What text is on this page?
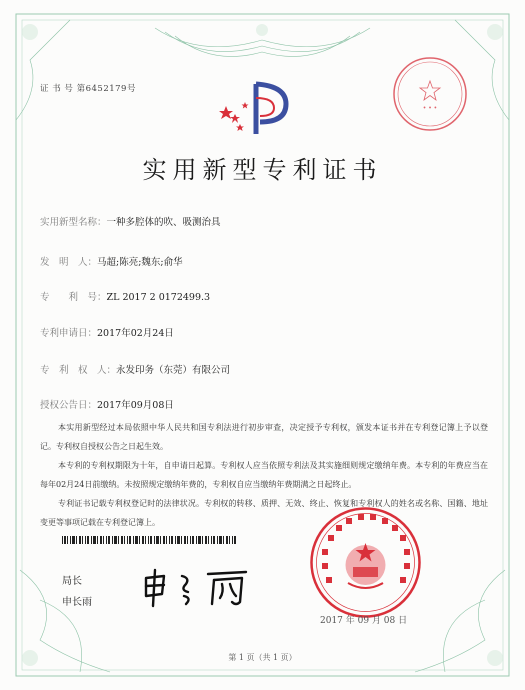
证 书 号 第6452179号
• • •
实用新型专利证书
实用新型名称：一种多腔体的吹、吸测治具
发　明　人：马超;陈亮;魏东;俞华
专　　利　号：ZL 2017 2 0172499.3
专利申请日：2017年02月24日
专　利　权　人：永发印务（东莞）有限公司
授权公告日：2017年09月08日

本实用新型经过本局依照中华人民共和国专利法进行初步审查，决定授予专利权，颁发本证书并在专利登记簿上予以登记。专利权自授权公告之日起生效。

本专利的专利权期限为十年，自申请日起算。专利权人应当依照专利法及其实施细则规定缴纳年费。本专利的年费应当在每年02月24日前缴纳。未按照规定缴纳年费的，专利权自应当缴纳年费期满之日起终止。

专利证书记载专利权登记时的法律状况。专利权的转移、质押、无效、终止、恢复和专利权人的姓名或名称、国籍、地址变更等事项记载在专利登记簿上。

局长
申长雨
2017 年 09 月 08 日
第 1 页（共 1 页）
